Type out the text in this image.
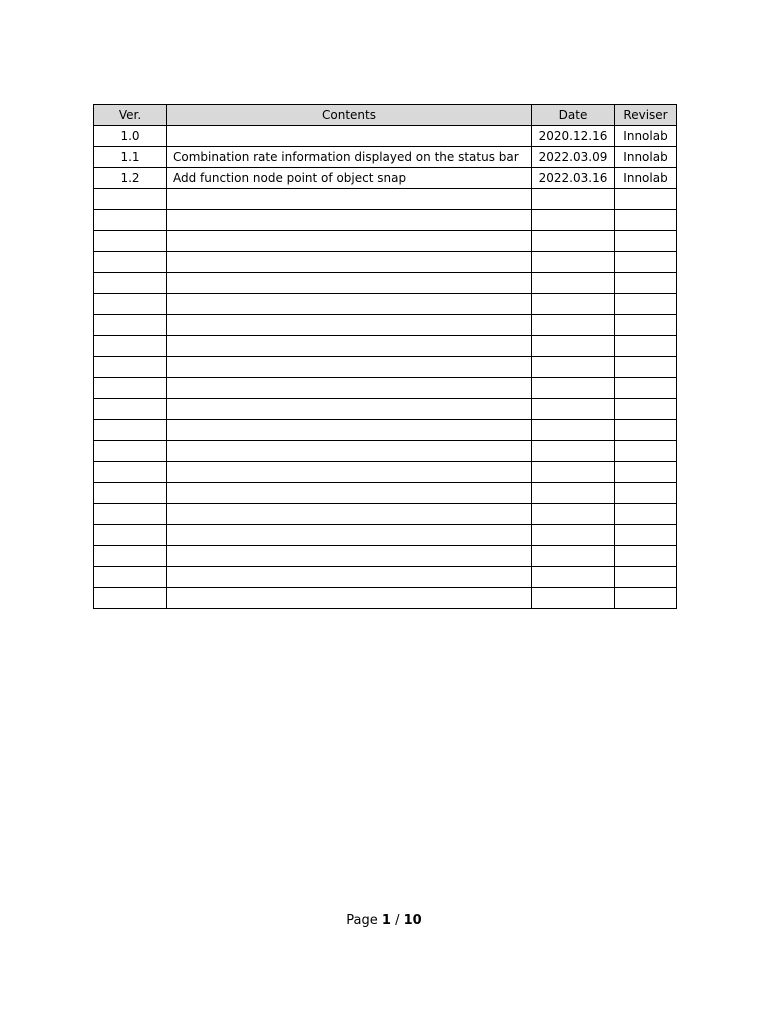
Ver.	Contents	Date	Reviser
1.0		2020.12.16	Innolab
1.1	Combination rate information displayed on the status bar	2022.03.09	Innolab
1.2	Add function node point of object snap	2022.03.16	Innolab

Page 1 / 10
